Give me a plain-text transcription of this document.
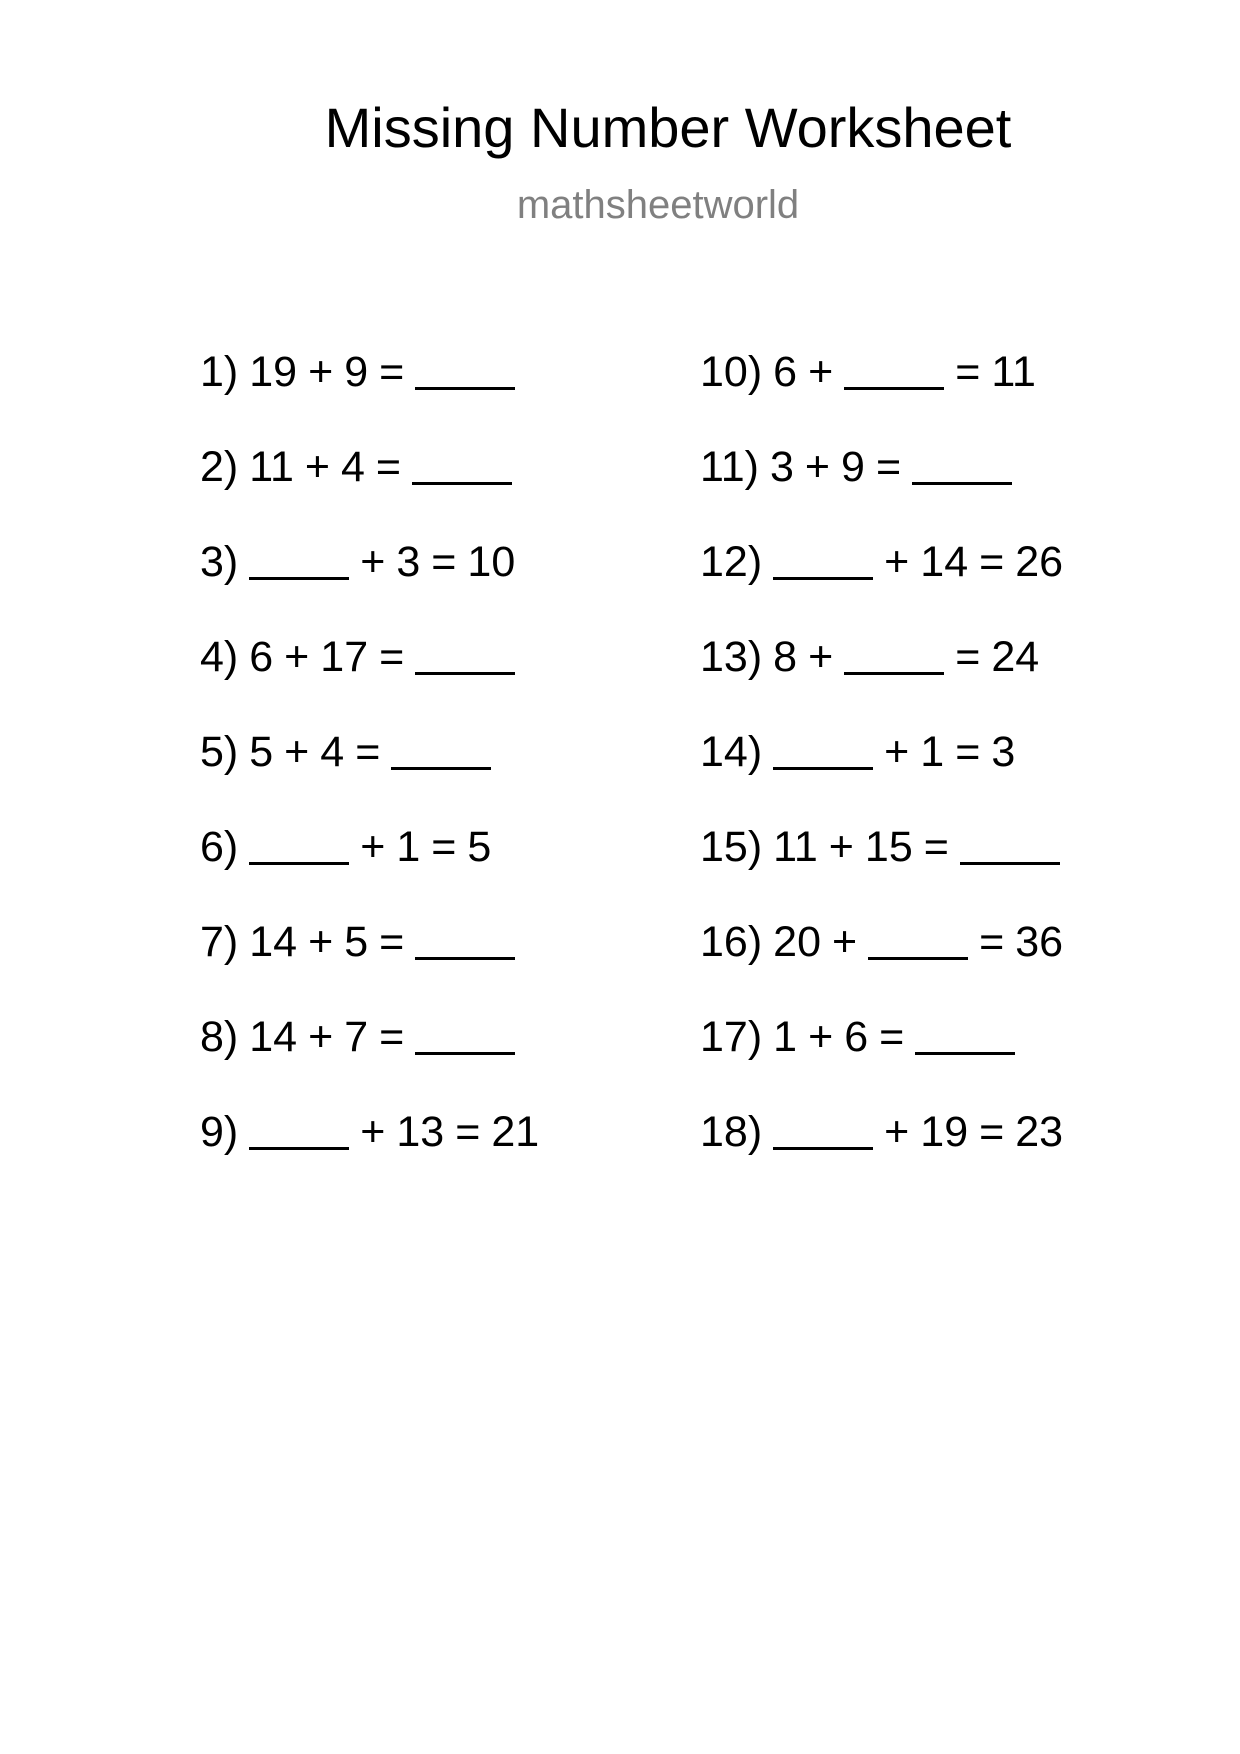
Missing Number Worksheet
mathsheetworld
1) 19 + 9 =
2) 11 + 4 =
3)	+ 3 = 10
4) 6 + 17 =
5) 5 + 4 =
6)	+ 1 = 5
7) 14 + 5 =
8) 14 + 7 =
9)	+ 13 = 21
10) 6 +	= 11
11) 3 + 9 =
12)	+ 14 = 26
13) 8 +	= 24
14)	+ 1 = 3
15) 11 + 15 =
16) 20 +	= 36
17) 1 + 6 =
18)	+ 19 = 23
